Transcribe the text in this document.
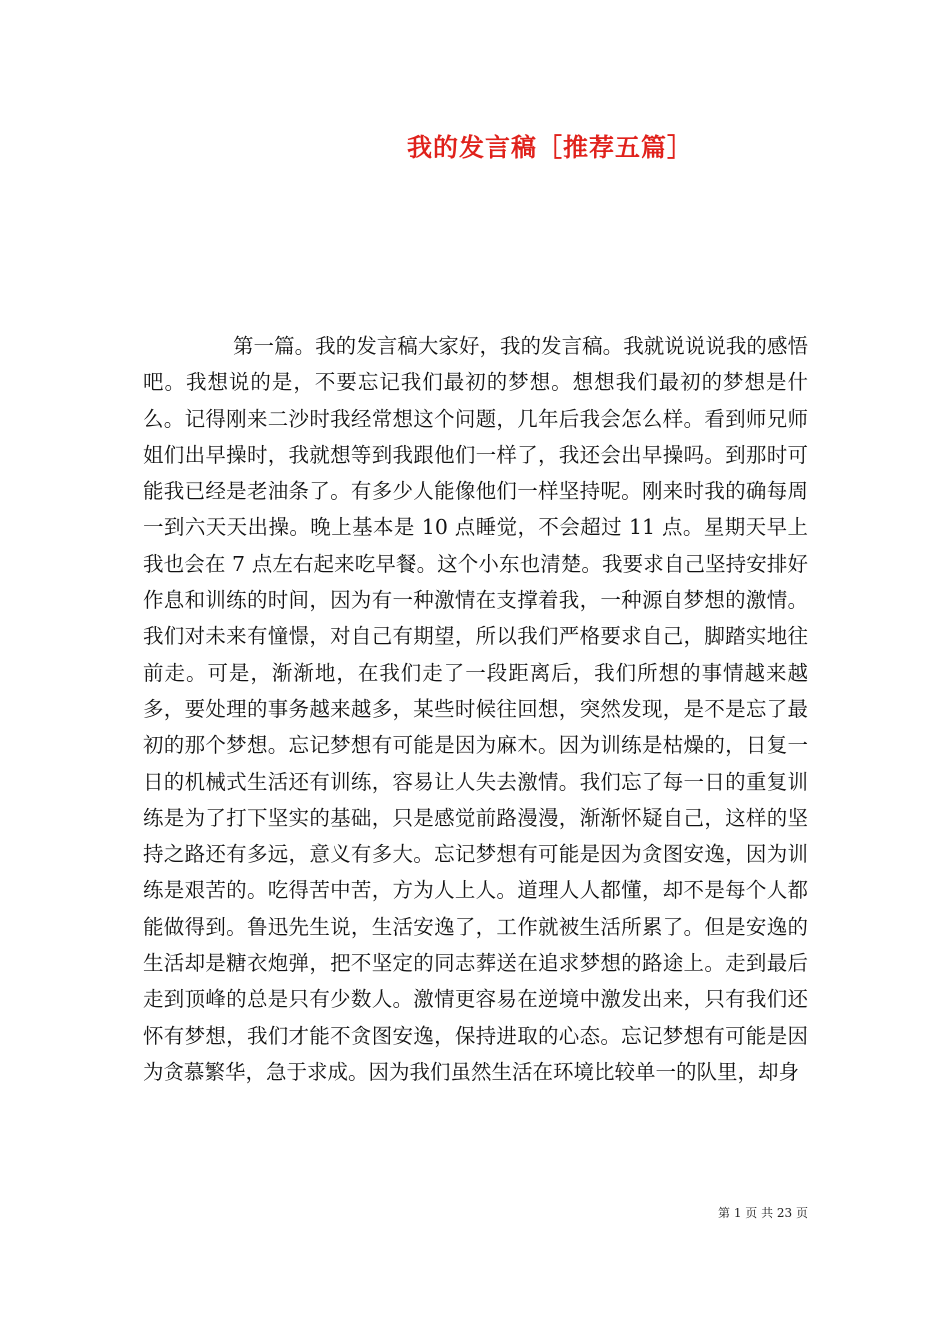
我的发言稿［推荐五篇］

第一篇。我的发言稿大家好，我的发言稿。我就说说说我的感悟吧。我想说的是，不要忘记我们最初的梦想。想想我们最初的梦想是什么。记得刚来二沙时我经常想这个问题，几年后我会怎么样。看到师兄师姐们出早操时，我就想等到我跟他们一样了，我还会出早操吗。到那时可能我已经是老油条了。有多少人能像他们一样坚持呢。刚来时我的确每周一到六天天出操。晚上基本是 10 点睡觉，不会超过 11 点。星期天早上我也会在 7 点左右起来吃早餐。这个小东也清楚。我要求自己坚持安排好作息和训练的时间，因为有一种激情在支撑着我，一种源自梦想的激情。我们对未来有憧憬，对自己有期望，所以我们严格要求自己，脚踏实地往前走。可是，渐渐地，在我们走了一段距离后，我们所想的事情越来越多，要处理的事务越来越多，某些时候往回想，突然发现，是不是忘了最初的那个梦想。忘记梦想有可能是因为麻木。因为训练是枯燥的，日复一日的机械式生活还有训练，容易让人失去激情。我们忘了每一日的重复训练是为了打下坚实的基础，只是感觉前路漫漫，渐渐怀疑自己，这样的坚持之路还有多远，意义有多大。忘记梦想有可能是因为贪图安逸，因为训练是艰苦的。吃得苦中苦，方为人上人。道理人人都懂，却不是每个人都能做得到。鲁迅先生说，生活安逸了，工作就被生活所累了。但是安逸的生活却是糖衣炮弹，把不坚定的同志葬送在追求梦想的路途上。走到最后走到顶峰的总是只有少数人。激情更容易在逆境中激发出来，只有我们还怀有梦想，我们才能不贪图安逸，保持进取的心态。忘记梦想有可能是因为贪慕繁华，急于求成。因为我们虽然生活在环境比较单一的队里，却身

第 1 页 共 23 页
